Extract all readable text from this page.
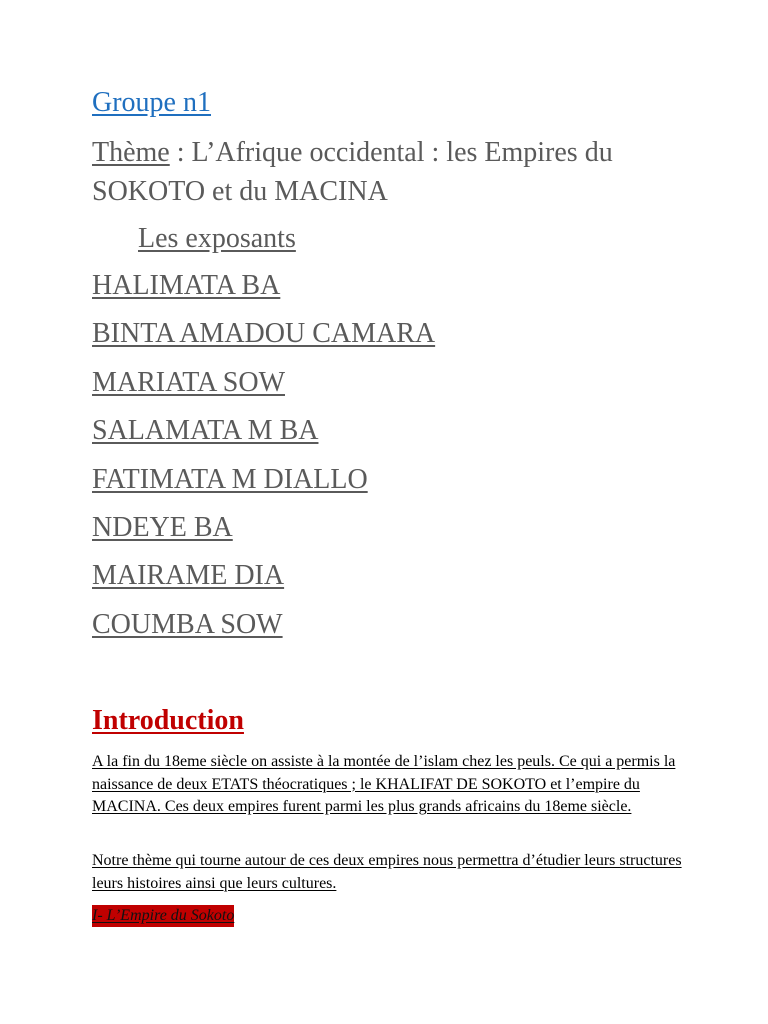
Groupe n1
Thème : L’Afrique occidental : les Empires du SOKOTO et du MACINA
Les exposants
HALIMATA BA
BINTA AMADOU CAMARA
MARIATA SOW
SALAMATA M BA
FATIMATA M DIALLO
NDEYE BA
MAIRAME DIA
COUMBA SOW
Introduction

A la fin du 18eme siècle on assiste à la montée de l’islam chez les peuls. Ce qui a permis la naissance de deux ETATS théocratiques ; le KHALIFAT DE SOKOTO et l’empire du MACINA. Ces deux empires furent parmi les plus grands africains du 18eme siècle.

Notre thème qui tourne autour de ces deux empires nous permettra d’étudier leurs structures leurs histoires ainsi que leurs cultures.

I- L’Empire du Sokoto
